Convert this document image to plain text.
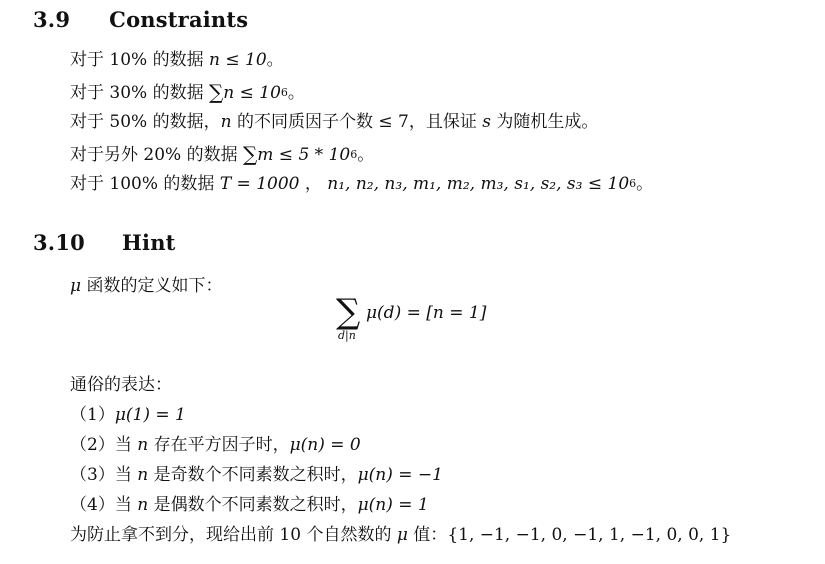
3.9 Constraints
对于 10% 的数据 n ≤ 10。
对于 30% 的数据 $\sum n \le 10^6$。
对于 50% 的数据，n 的不同质因子个数 ≤ 7，且保证 s 为随机生成。
对于另外 20% 的数据 $\sum m \le 5 * 10^6$。
对于 100% 的数据 T = 1000 ， n₁, n₂, n₃, m₁, m₂, m₃, s₁, s₂, $s_3 \le 10^6$。
3.10 Hint
μ 函数的定义如下：
∑
d|n
μ(d) = [n = 1]
通俗的表达：
（1）μ(1) = 1
（2）当 n 存在平方因子时，μ(n) = 0
（3）当 n 是奇数个不同素数之积时，μ(n) = −1
（4）当 n 是偶数个不同素数之积时，μ(n) = 1
为防止拿不到分，现给出前 10 个自然数的 μ 值：{1, −1, −1, 0, −1, 1, −1, 0, 0, 1}
